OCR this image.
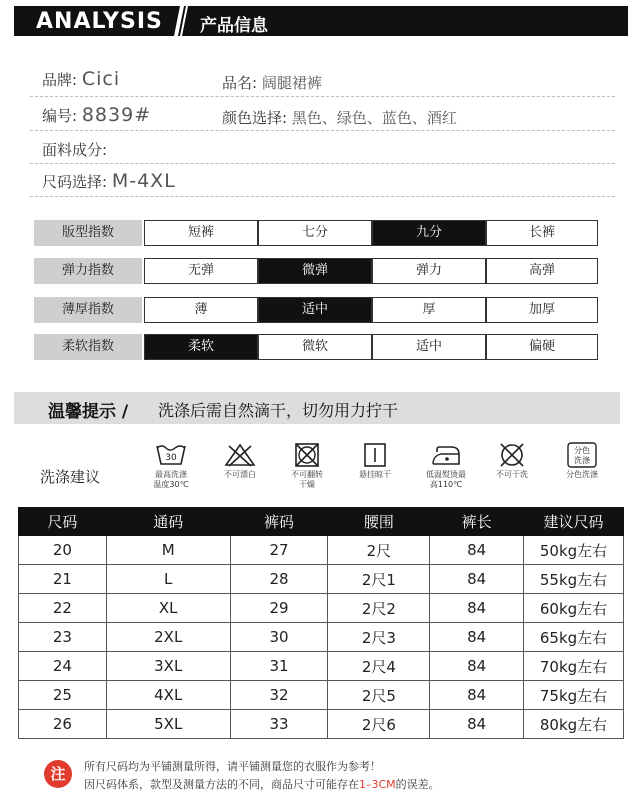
ANALYSIS 产品信息
品牌: Cici	品名: 阔腿裙裤
编号: 8839#	颜色选择: 黑色、绿色、蓝色、酒红
面料成分:
尺码选择: M-4XL
版型指数	短裤	七分	九分	长裤
弹力指数	无弹	微弹	弹力	高弹
薄厚指数	薄	适中	厚	加厚
柔软指数	柔软	微软	适中	偏硬
温馨提示 / 洗涤后需自然滴干，切勿用力拧干
洗涤建议
30
最高洗涤
温度30℃
不可漂白	不可翻转
干燥
悬挂晾干	低温熨烫最
高110℃
不可干洗
分色
洗涤
分色洗涤
尺码	通码	裤码	腰围	裤长	建议尺码
20	M	27	2尺	84	50kg左右
21	L	28	2尺1	84	55kg左右
22	XL	29	2尺2	84	60kg左右
23	2XL	30	2尺3	84	65kg左右
24	3XL	31	2尺4	84	70kg左右
25	4XL	32	2尺5	84	75kg左右
26	5XL	33	2尺6	84	80kg左右
注	所有尺码均为平铺测量所得，请平铺测量您的衣服作为参考！
因尺码体系，款型及测量方法的不同，商品尺寸可能存在1–3CM的误差。
